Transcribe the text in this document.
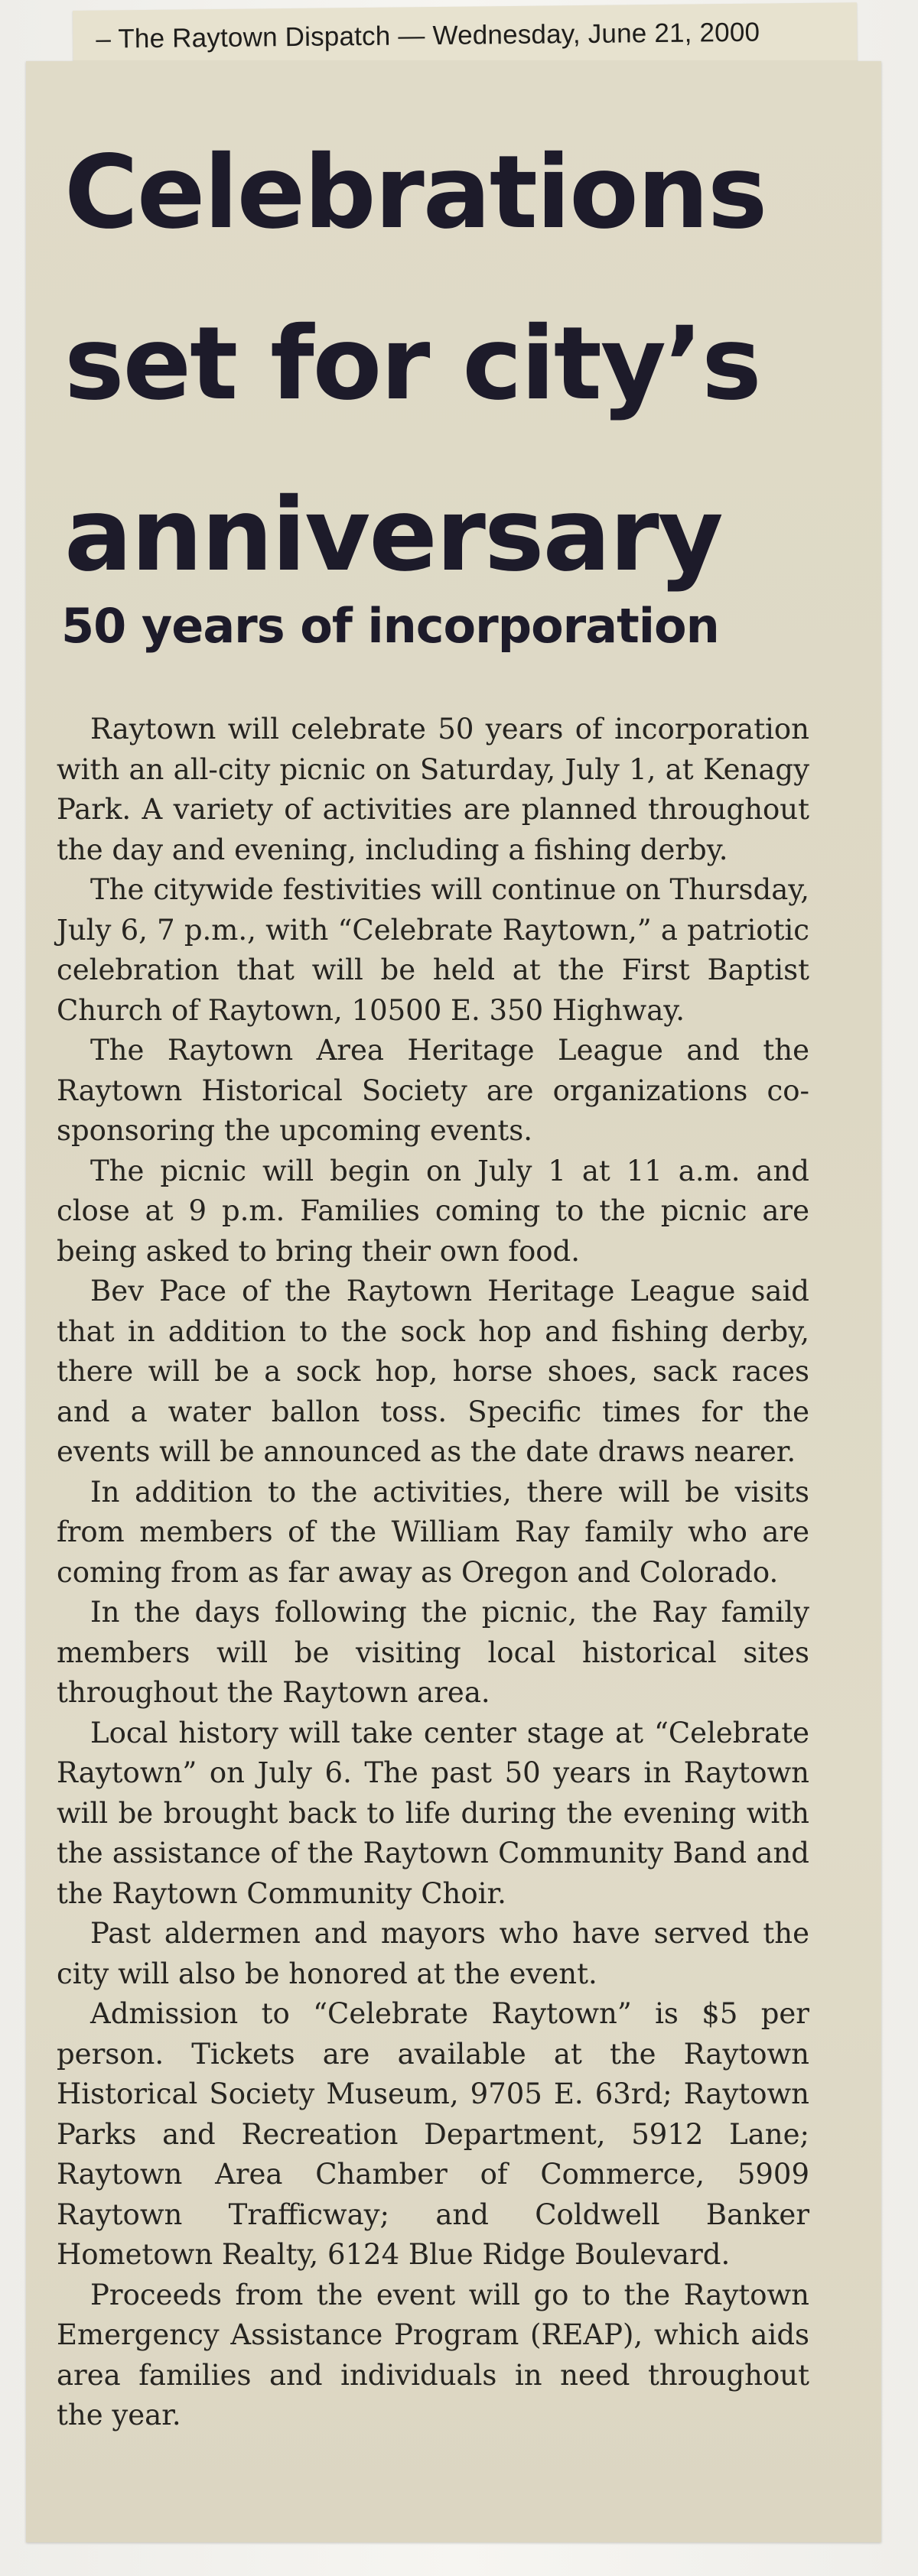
– The Raytown Dispatch — Wednesday, June 21, 2000
Celebrations set for city’s anniversary
50 years of incorporation

Raytown will celebrate 50 years of incorporation with an all-city picnic on Saturday, July 1, at Kenagy Park. A variety of activities are planned throughout the day and evening, including a fishing derby.

The citywide festivities will continue on Thursday, July 6, 7 p.m., with “Celebrate Raytown,” a patriotic celebration that will be held at the First Baptist Church of Raytown, 10500 E. 350 Highway.

The Raytown Area Heritage League and the Raytown Historical Society are organizations co-sponsoring the upcoming events.

The picnic will begin on July 1 at 11 a.m. and close at 9 p.m. Families coming to the picnic are being asked to bring their own food.

Bev Pace of the Raytown Heritage League said that in addition to the sock hop and fishing derby, there will be a sock hop, horse shoes, sack races and a water ballon toss. Specific times for the events will be announced as the date draws nearer.

In addition to the activities, there will be visits from members of the William Ray family who are coming from as far away as Oregon and Colorado.

In the days following the picnic, the Ray family members will be visiting local historical sites throughout the Raytown area.

Local history will take center stage at “Celebrate Raytown” on July 6. The past 50 years in Raytown will be brought back to life during the evening with the assistance of the Raytown Community Band and the Raytown Community Choir.

Past aldermen and mayors who have served the city will also be honored at the event.

Admission to “Celebrate Raytown” is $5 per person. Tickets are available at the Raytown Historical Society Museum, 9705 E. 63rd; Raytown Parks and Recreation Department, 5912 Lane; Raytown Area Chamber of Commerce, 5909 Raytown Trafficway; and Coldwell Banker Hometown Realty, 6124 Blue Ridge Boulevard.

Proceeds from the event will go to the Raytown Emergency Assistance Program (REAP), which aids area families and individuals in need throughout the year.
